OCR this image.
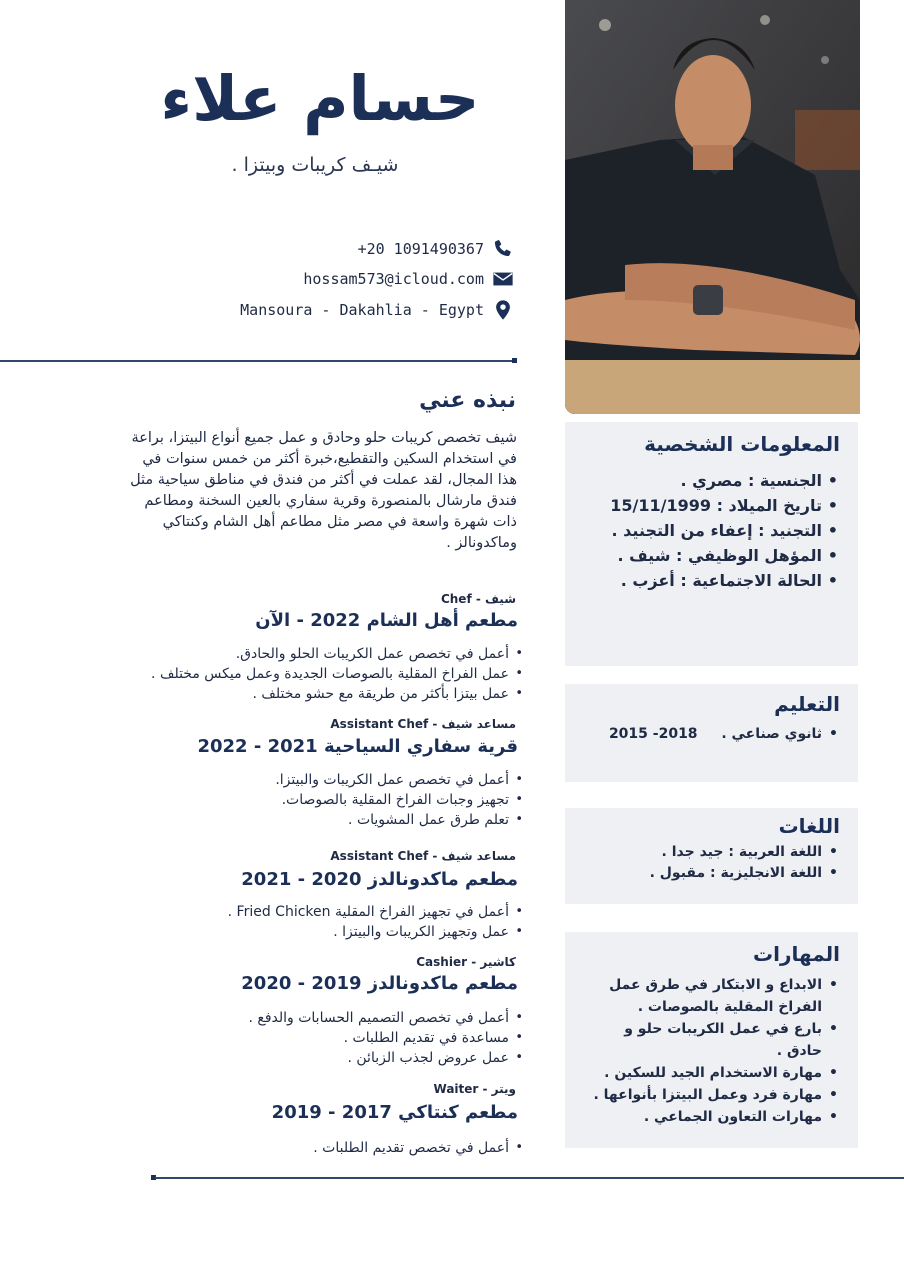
حسام علاء
شيـف كريبات وبيتزا .
+20 1091490367
hossam573@icloud.com
Mansoura - Dakahlia - Egypt
المعلومات الشخصية
• الجنسية : مصري .
• تاريخ الميلاد : 15/11/1999
• التجنيد : إعفاء من التجنيد .
• المؤهل الوظيفي : شيف .
• الحالة الاجتماعية : أعزب .
التعليم
• ثانوي صناعي .  2015 -2018
اللغات
• اللغة العربية : جيد جدا .
• اللغة الانجليزية : مقبول .
المهارات
• الابداع و الابتكار في طرق عمل الفراخ المقلية بالصوصات .
• بارع في عمل الكريبات حلو و حادق .
• مهارة الاستخدام الجيد للسكين .
• مهارة فرد وعمل البيتزا بأنواعها .
• مهارات التعاون الجماعي .
نبذه عني
شيف تخصص كريبات حلو وحادق و عمل جميع أنواع البيتزا، براعة في استخدام السكين والتقطيع،خبرة أكثر من خمس سنوات في هذا المجال، لقد عملت في أكثر من فندق في مناطق سياحية مثل فندق مارشال بالمنصورة وقرية سفاري بالعين السخنة ومطاعم ذات شهرة واسعة في مصر مثل مطاعم أهل الشام وكنتاكي وماكدونالز .
شيف - Chef
مطعم أهل الشام 2022 - الآن
• أعمل في تخصص عمل الكريبات الحلو والحادق.
• عمل الفراخ المقلية بالصوصات الجديدة وعمل ميكس مختلف .
• عمل بيتزا بأكثر من طريقة مع حشو مختلف .
مساعد شيف - Assistant Chef
قرية سفاري السياحية 2021 - 2022
• أعمل في تخصص عمل الكريبات والبيتزا.
• تجهيز وجبات الفراخ المقلية بالصوصات.
• تعلم طرق عمل المشويات .
مساعد شيف - Assistant Chef
مطعم ماكدونالدز 2020 - 2021
• أعمل في تجهيز الفراخ المقلية Fried Chicken .
• عمل وتجهيز الكريبات والبيتزا .
كاشير - Cashier
مطعم ماكدونالدز 2019 - 2020
• أعمل في تخصص التصميم الحسابات والدفع .
• مساعدة في تقديم الطلبات .
• عمل عروض لجذب الزبائن .
ويتر - Waiter
مطعم كنتاكي 2017 - 2019
• أعمل في تخصص تقديم الطلبات .
